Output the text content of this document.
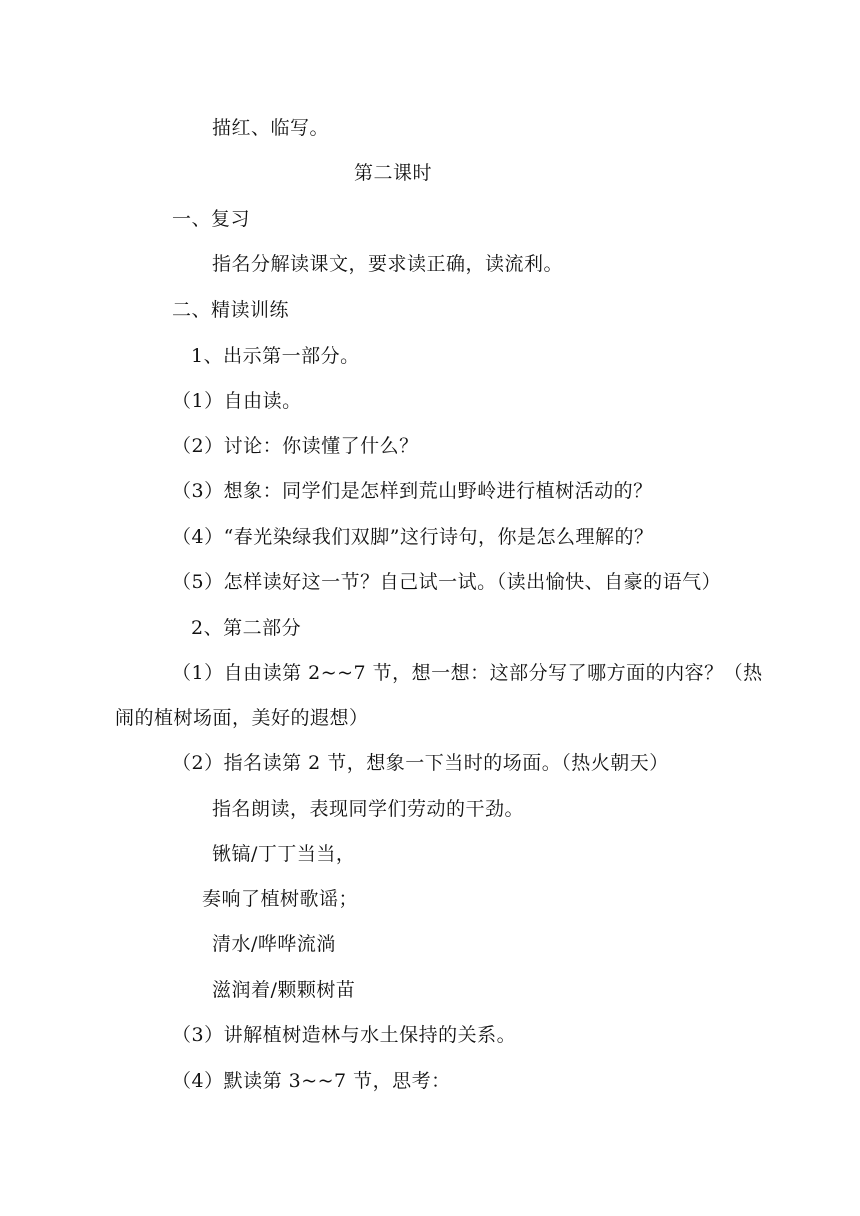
描红、临写。
第二课时
一、复习
指名分解读课文，要求读正确，读流利。
二、精读训练
1、出示第一部分。
（1）自由读。
（2）讨论：你读懂了什么？
（3）想象：同学们是怎样到荒山野岭进行植树活动的？
（4）“春光染绿我们双脚”这行诗句，你是怎么理解的？
（5）怎样读好这一节？自己试一试。（读出愉快、自豪的语气）
2、第二部分
（1）自由读第 2~~7 节，想一想：这部分写了哪方面的内容？（热
闹的植树场面，美好的遐想）
（2）指名读第 2 节，想象一下当时的场面。（热火朝天）
指名朗读，表现同学们劳动的干劲。
锹镐/丁丁当当，
奏响了植树歌谣；
清水/哗哗流淌
滋润着/颗颗树苗
（3）讲解植树造林与水土保持的关系。
（4）默读第 3~~7 节，思考：
